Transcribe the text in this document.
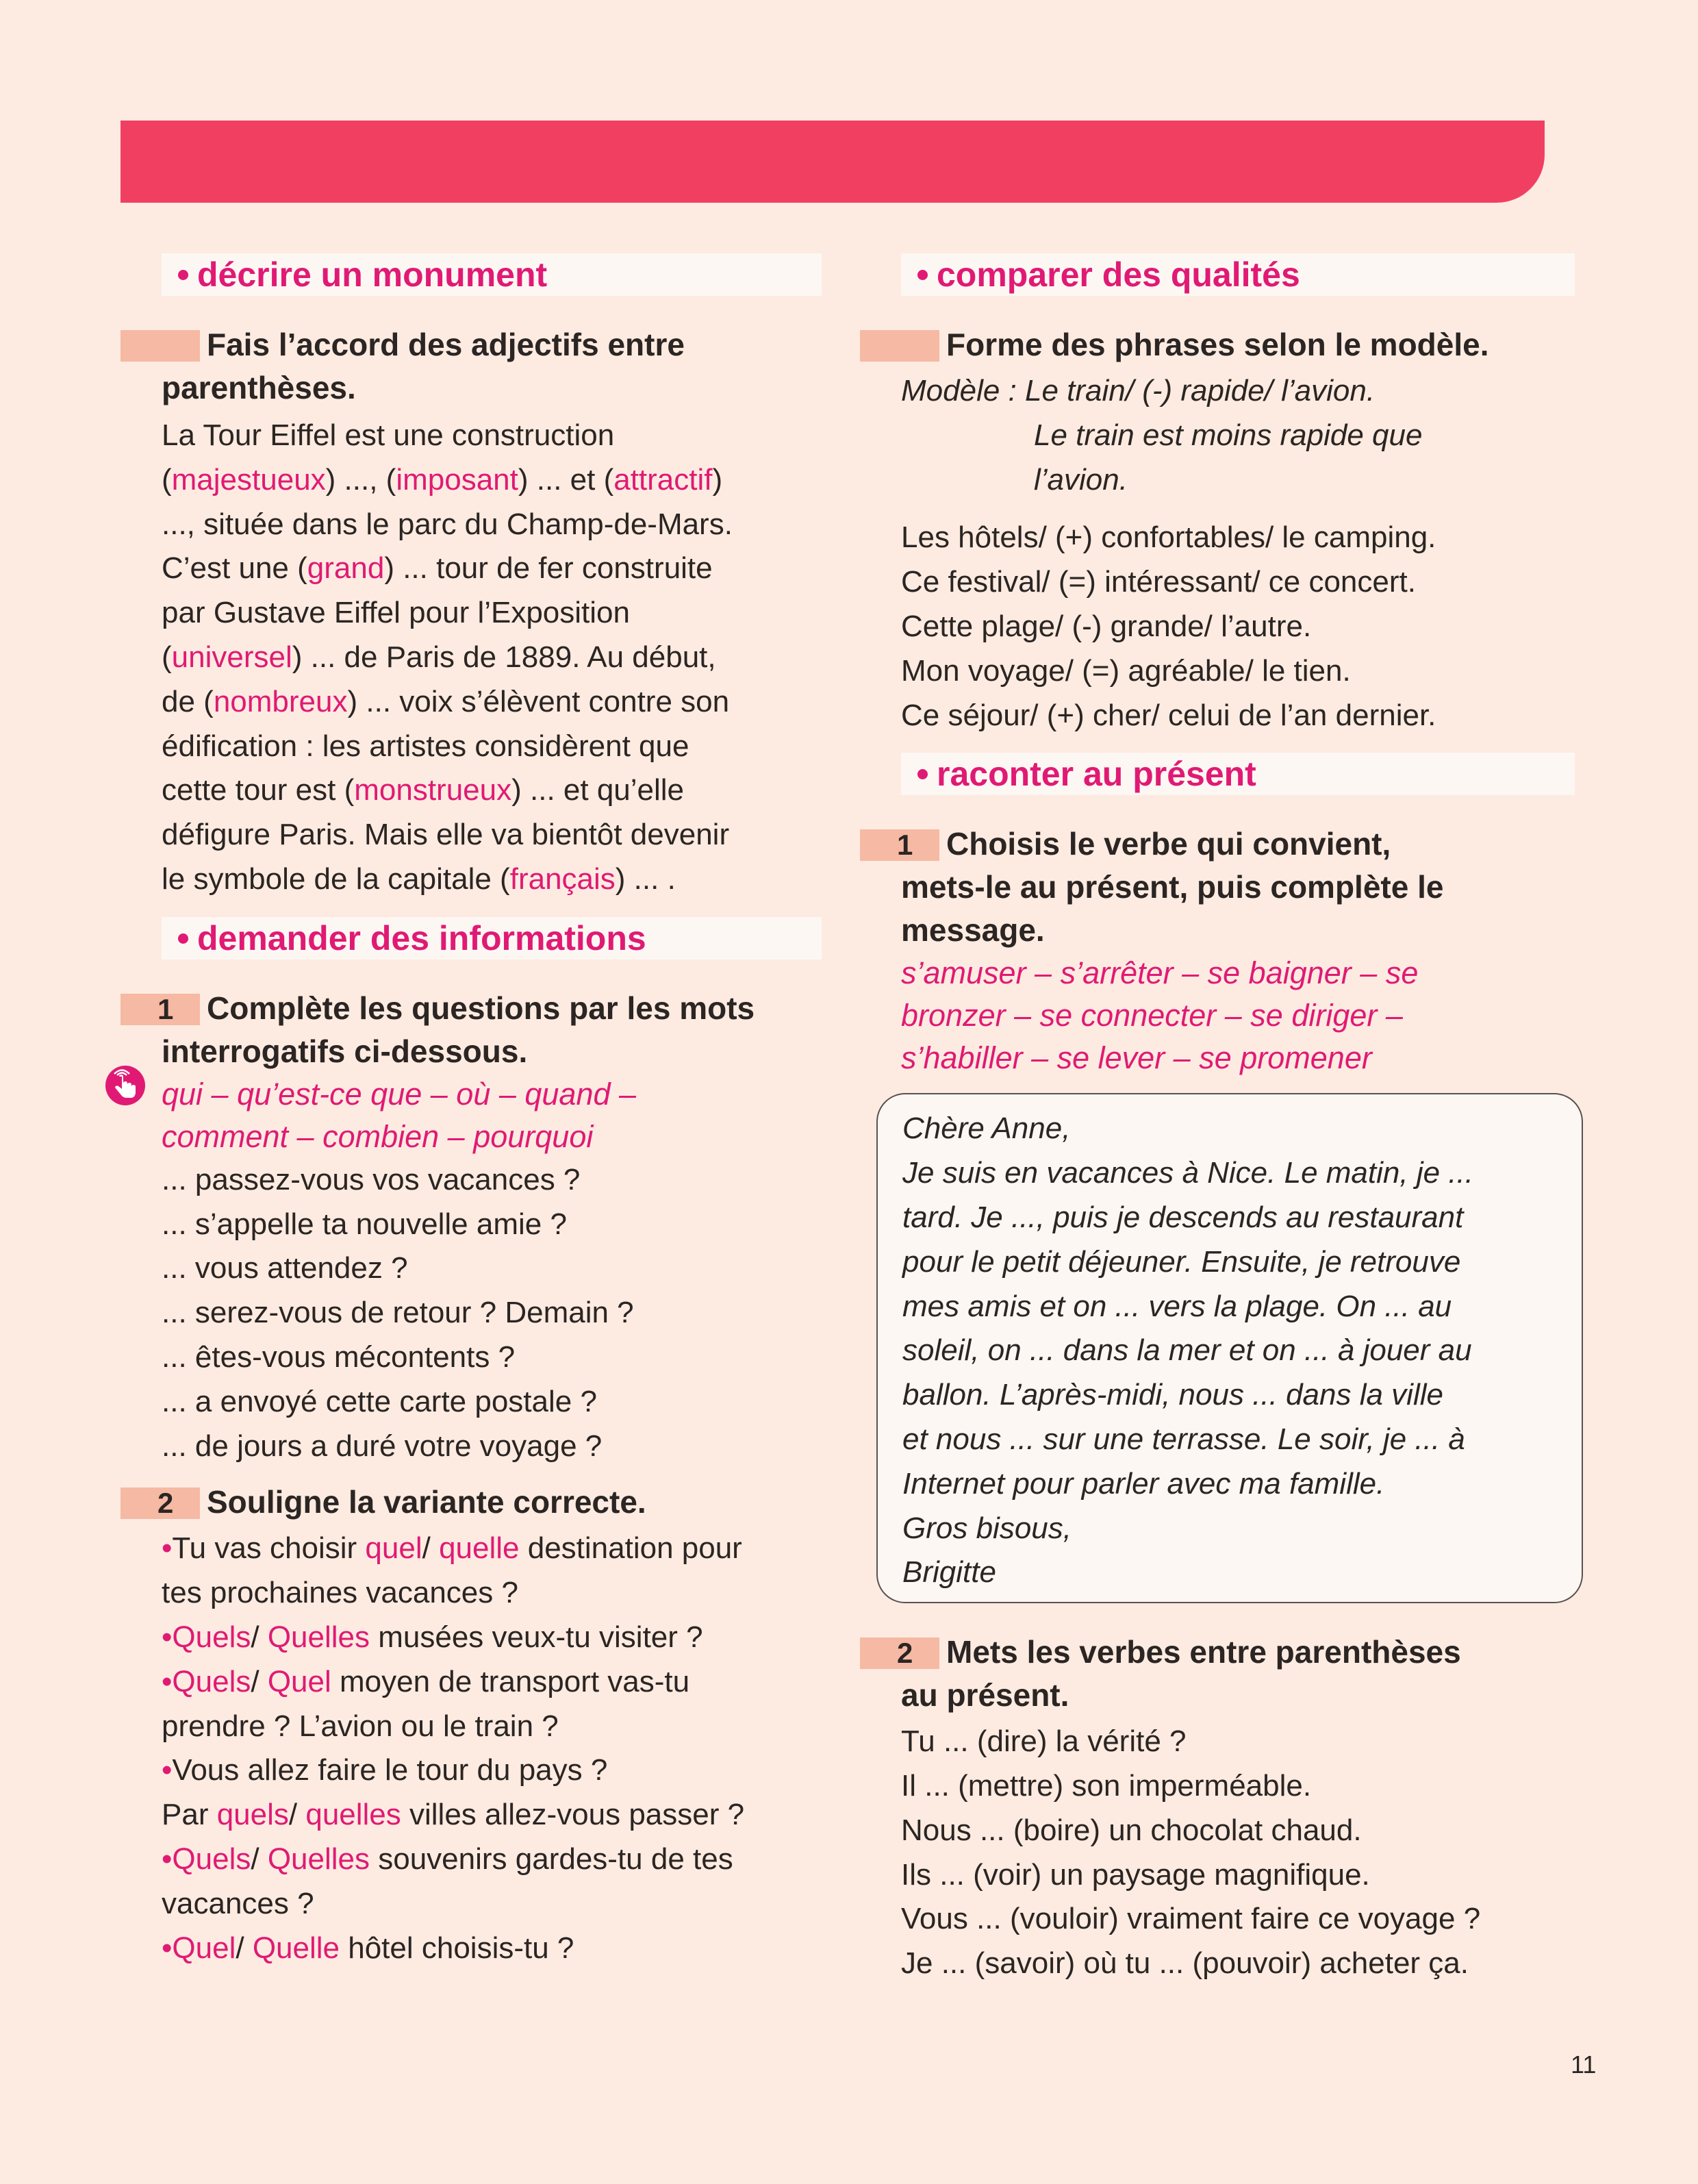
décrire un monument
Fais l’accord des adjectifs entre
parenthèses.
La Tour Eiffel est une construction
(majestueux) ..., (imposant) ... et (attractif)
..., située dans le parc du Champ-de-Mars.
C’est une (grand) ... tour de fer construite
par Gustave Eiffel pour l’Exposition
(universel) ... de Paris de 1889. Au début,
de (nombreux) ... voix s’élèvent contre son
édification : les artistes considèrent que
cette tour est (monstrueux) ... et qu’elle
défigure Paris. Mais elle va bientôt devenir
le symbole de la capitale (français) ... .
demander des informations
1	Complète les questions par les mots
interrogatifs ci-dessous.
qui – qu’est-ce que – où – quand –
comment – combien – pourquoi
... passez-vous vos vacances ?
... s’appelle ta nouvelle amie ?
... vous attendez ?
... serez-vous de retour ? Demain ?
... êtes-vous mécontents ?
... a envoyé cette carte postale ?
... de jours a duré votre voyage ?
2	Souligne la variante correcte.
•Tu vas choisir quel/ quelle destination pour
tes prochaines vacances ?
•Quels/ Quelles musées veux-tu visiter ?
•Quels/ Quel moyen de transport vas-tu
prendre ? L’avion ou le train ?
•Vous allez faire le tour du pays ?
Par quels/ quelles villes allez-vous passer ?
•Quels/ Quelles souvenirs gardes-tu de tes
vacances ?
•Quel/ Quelle hôtel choisis-tu ?
comparer des qualités
Forme des phrases selon le modèle.
Modèle : Le train/ (-) rapide/ l’avion.
Le train est moins rapide que
l’avion.
Les hôtels/ (+) confortables/ le camping.
Ce festival/ (=) intéressant/ ce concert.
Cette plage/ (-) grande/ l’autre.
Mon voyage/ (=) agréable/ le tien.
Ce séjour/ (+) cher/ celui de l’an dernier.
raconter au présent
1	Choisis le verbe qui convient,
mets-le au présent, puis complète le
message.
s’amuser – s’arrêter – se baigner – se
bronzer – se connecter – se diriger –
s’habiller – se lever – se promener
Chère Anne,
Je suis en vacances à Nice. Le matin, je ...
tard. Je ..., puis je descends au restaurant
pour le petit déjeuner. Ensuite, je retrouve
mes amis et on ... vers la plage. On ... au
soleil, on ... dans la mer et on ... à jouer au
ballon. L’après-midi, nous ... dans la ville
et nous ... sur une terrasse. Le soir, je ... à
Internet pour parler avec ma famille.
Gros bisous,
Brigitte
2	Mets les verbes entre parenthèses
au présent.
Tu ... (dire) la vérité ?
Il ... (mettre) son imperméable.
Nous ... (boire) un chocolat chaud.
Ils ... (voir) un paysage magnifique.
Vous ... (vouloir) vraiment faire ce voyage ?
Je ... (savoir) où tu ... (pouvoir) acheter ça.
11
